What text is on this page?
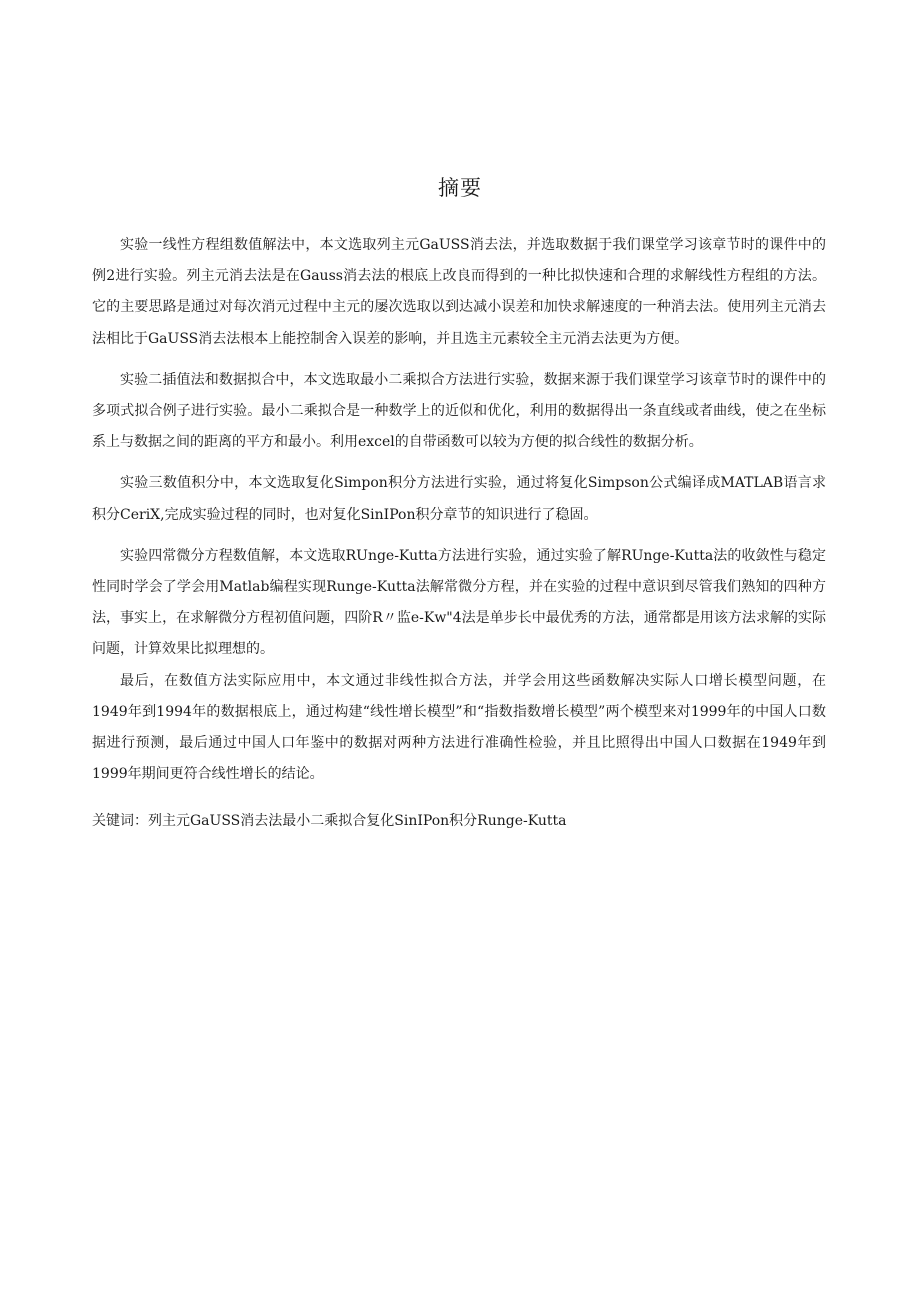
摘要

实验一线性方程组数值解法中，本文选取列主元GaUSS消去法，并选取数据于我们课堂学习该章节时的课件中的例2进行实验。列主元消去法是在Gauss消去法的根底上改良而得到的一种比拟快速和合理的求解线性方程组的方法。它的主要思路是通过对每次消元过程中主元的屡次选取以到达减小误差和加快求解速度的一种消去法。使用列主元消去法相比于GaUSS消去法根本上能控制舍入误差的影响，并且选主元素较全主元消去法更为方便。

实验二插值法和数据拟合中，本文选取最小二乘拟合方法进行实验，数据来源于我们课堂学习该章节时的课件中的多项式拟合例子进行实验。最小二乘拟合是一种数学上的近似和优化，利用的数据得出一条直线或者曲线，使之在坐标系上与数据之间的距离的平方和最小。利用excel的自带函数可以较为方便的拟合线性的数据分析。

实验三数值积分中，本文选取复化Simpon积分方法进行实验，通过将复化Simpson公式编译成MATLAB语言求积分CeriX,完成实验过程的同时，也对复化SinIPon积分章节的知识进行了稳固。

实验四常微分方程数值解，本文选取RUnge-Kutta方法进行实验，通过实验了解RUnge-Kutta法的收敛性与稳定性同时学会了学会用Matlab编程实现Runge-Kutta法解常微分方程，并在实验的过程中意识到尽管我们熟知的四种方法，事实上，在求解微分方程初值问题，四阶R〃监e-Kw"4法是单步长中最优秀的方法，通常都是用该方法求解的实际问题，计算效果比拟理想的。

最后，在数值方法实际应用中，本文通过非线性拟合方法，并学会用这些函数解决实际人口增长模型问题，在1949年到1994年的数据根底上，通过构建“线性增长模型”和“指数指数增长模型”两个模型来对1999年的中国人口数据进行预测，最后通过中国人口年鉴中的数据对两种方法进行准确性检验，并且比照得出中国人口数据在1949年到1999年期间更符合线性增长的结论。

关键词：列主元GaUSS消去法最小二乘拟合复化SinIPon积分Runge-Kutta
